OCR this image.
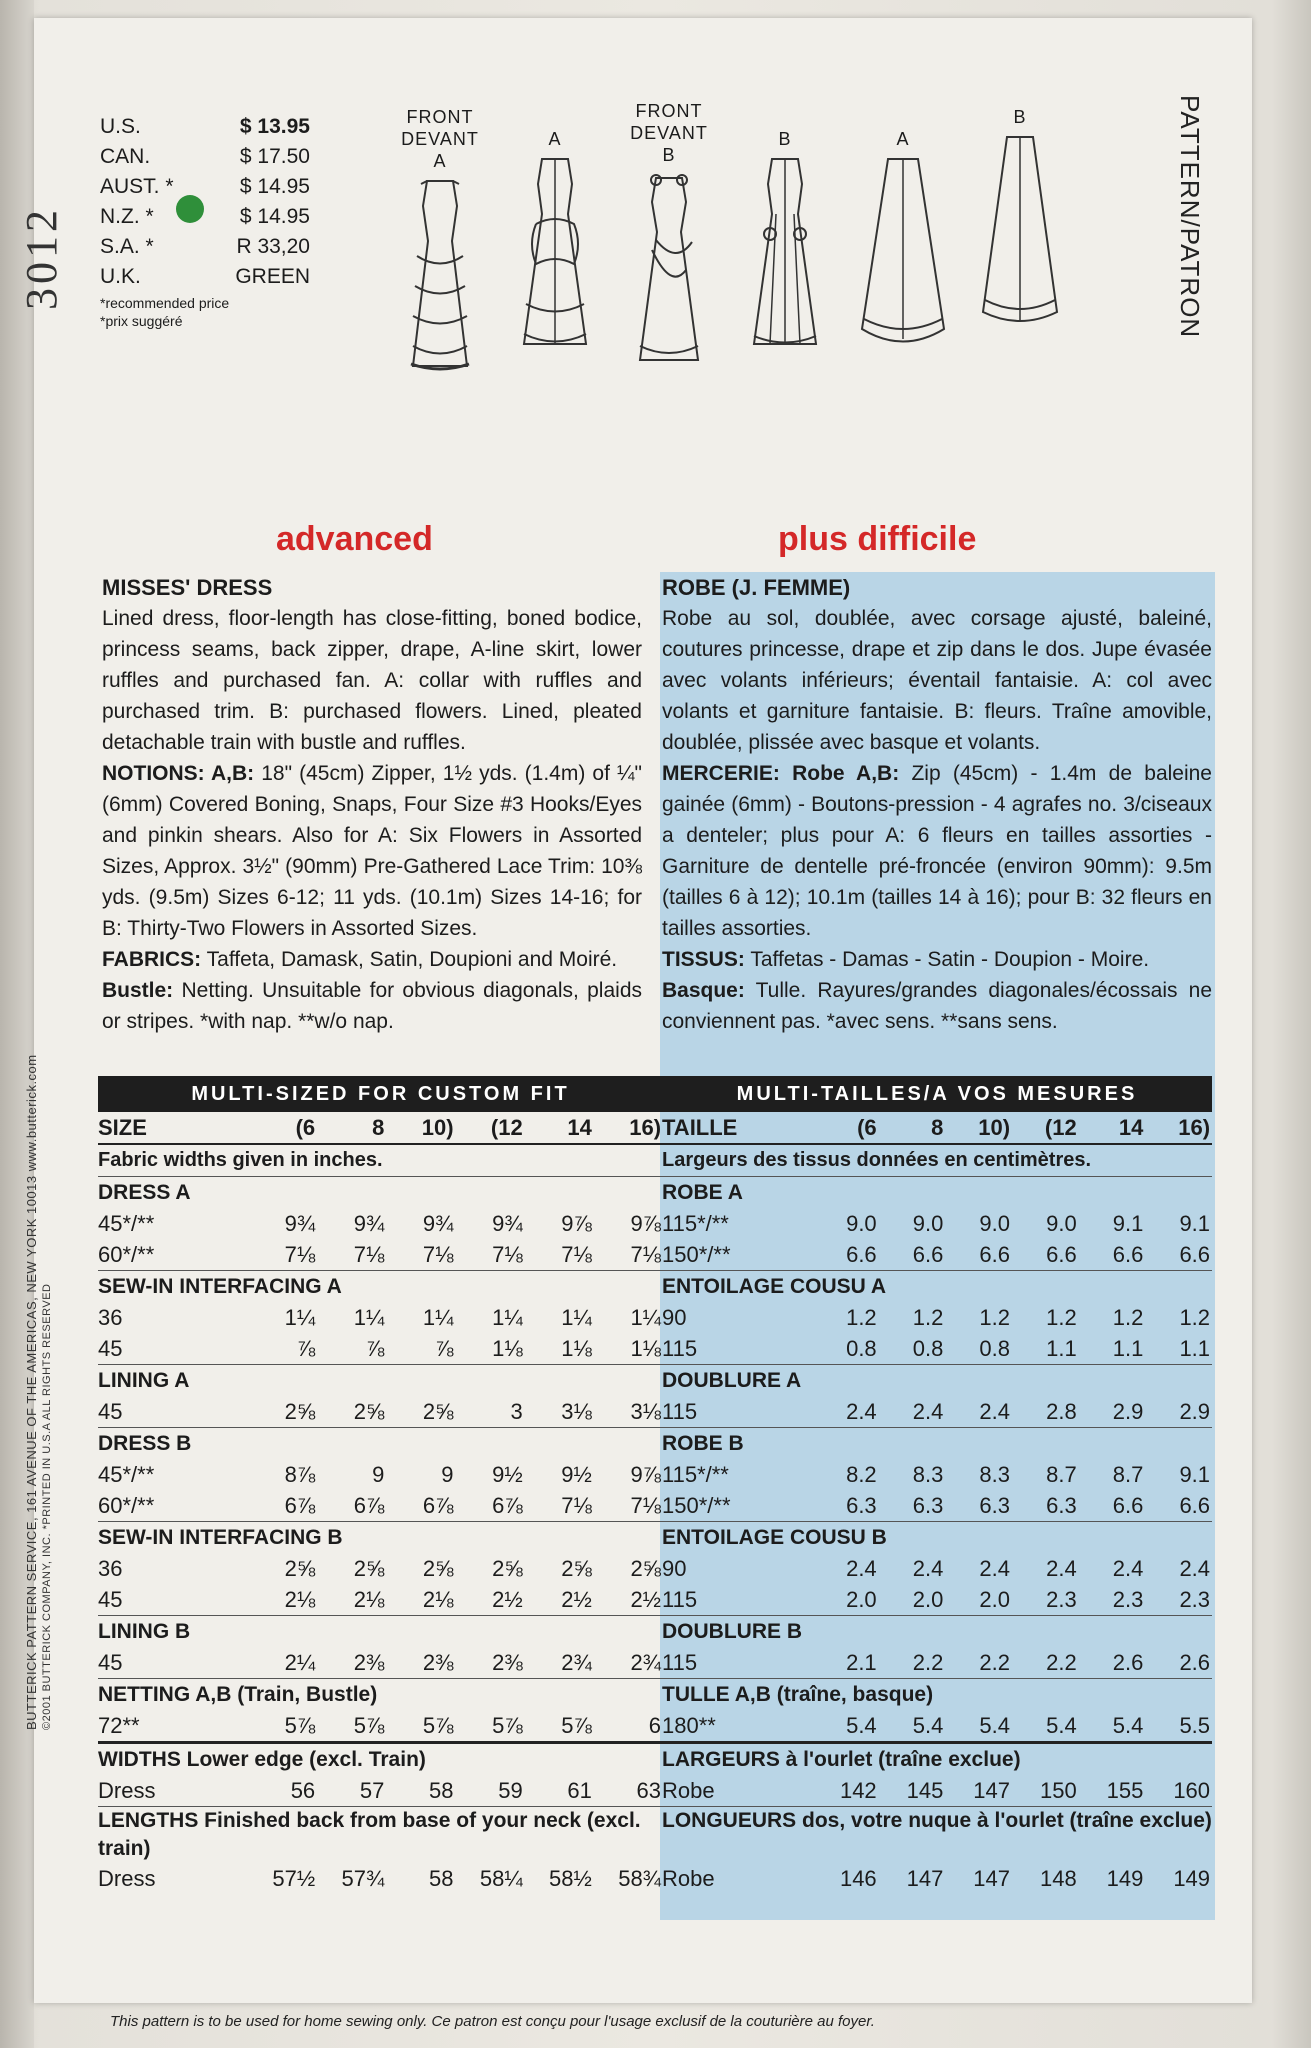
3012
BUTTERICK PATTERN SERVICE, 161 AVENUE OF THE AMERICAS, NEW YORK 10013 www.butterick.com ©2001 BUTTERICK COMPANY, INC. *PRINTED IN U.S.A ALL RIGHTS RESERVED
PATTERN/PATRON
U.S.	$ 13.95
CAN.	$ 17.50
AUST. *	$ 14.95
N.Z. *	$ 14.95
S.A. *	R 33,20
U.K.	GREEN
*recommended price
*prix suggéré
FRONT
DEVANT
A
A
FRONT
DEVANT
B
B	A
B
advanced	plus difficile

MISSES' DRESS

Lined dress, floor-length has close-fitting, boned bodice, princess seams, back zipper, drape, A-line skirt, lower ruffles and purchased fan. A: collar with ruffles and purchased trim. B: purchased flowers. Lined, pleated detachable train with bustle and ruffles.

NOTIONS: A,B: 18" (45cm) Zipper, 1½ yds. (1.4m) of ¼" (6mm) Covered Boning, Snaps, Four Size #3 Hooks/Eyes and pinkin shears. Also for A: Six Flowers in Assorted Sizes, Approx. 3½" (90mm) Pre-Gathered Lace Trim: 10⅜ yds. (9.5m) Sizes 6-12; 11 yds. (10.1m) Sizes 14-16; for B: Thirty-Two Flowers in Assorted Sizes.

FABRICS: Taffeta, Damask, Satin, Doupioni and Moiré.

Bustle: Netting. Unsuitable for obvious diagonals, plaids or stripes. *with nap. **w/o nap.

ROBE (J. FEMME)

Robe au sol, doublée, avec corsage ajusté, baleiné, coutures princesse, drape et zip dans le dos. Jupe évasée avec volants inférieurs; éventail fantaisie. A: col avec volants et garniture fantaisie. B: fleurs. Traîne amovible, doublée, plissée avec basque et volants.

MERCERIE: Robe A,B: Zip (45cm) - 1.4m de baleine gainée (6mm) - Boutons-pression - 4 agrafes no. 3/ciseaux a denteler; plus pour A: 6 fleurs en tailles assorties - Garniture de dentelle pré-froncée (environ 90mm): 9.5m (tailles 6 à 12); 10.1m (tailles 14 à 16); pour B: 32 fleurs en tailles assorties.

TISSUS: Taffetas - Damas - Satin - Doupion - Moire.

Basque: Tulle. Rayures/grandes diagonales/écossais ne conviennent pas. *avec sens. **sans sens.

MULTI-SIZED FOR CUSTOM FIT
SIZE	(6	8	10)	(12	14	16)
Fabric widths given in inches.
DRESS A
45*/**	9¾	9¾	9¾	9¾	9⅞	9⅞
60*/**	7⅛	7⅛	7⅛	7⅛	7⅛	7⅛
SEW-IN INTERFACING A
36	1¼	1¼	1¼	1¼	1¼	1¼
45	⅞	⅞	⅞	1⅛	1⅛	1⅛
LINING A
45	2⅝	2⅝	2⅝	3	3⅛	3⅛
DRESS B
45*/**	8⅞	9	9	9½	9½	9⅞
60*/**	6⅞	6⅞	6⅞	6⅞	7⅛	7⅛
SEW-IN INTERFACING B
36	2⅝	2⅝	2⅝	2⅝	2⅝	2⅝
45	2⅛	2⅛	2⅛	2½	2½	2½
LINING B
45	2¼	2⅜	2⅜	2⅜	2¾	2¾
NETTING A,B (Train, Bustle)
72**	5⅞	5⅞	5⅞	5⅞	5⅞	6
WIDTHS Lower edge (excl. Train)
Dress	56	57	58	59	61	63
LENGTHS Finished back from base of your neck (excl. train)
Dress	57½	57¾	58	58¼	58½	58¾
MULTI-TAILLES/A VOS MESURES
TAILLE	(6	8	10)	(12	14	16)
Largeurs des tissus données en centimètres.
ROBE A
115*/**	9.0	9.0	9.0	9.0	9.1	9.1
150*/**	6.6	6.6	6.6	6.6	6.6	6.6
ENTOILAGE COUSU A
90	1.2	1.2	1.2	1.2	1.2	1.2
115	0.8	0.8	0.8	1.1	1.1	1.1
DOUBLURE A
115	2.4	2.4	2.4	2.8	2.9	2.9
ROBE B
115*/**	8.2	8.3	8.3	8.7	8.7	9.1
150*/**	6.3	6.3	6.3	6.3	6.6	6.6
ENTOILAGE COUSU B
90	2.4	2.4	2.4	2.4	2.4	2.4
115	2.0	2.0	2.0	2.3	2.3	2.3
DOUBLURE B
115	2.1	2.2	2.2	2.2	2.6	2.6
TULLE A,B (traîne, basque)
180**	5.4	5.4	5.4	5.4	5.4	5.5
LARGEURS à l'ourlet (traîne exclue)
Robe	142	145	147	150	155	160
LONGUEURS dos, votre nuque à l'ourlet (traîne exclue)
Robe	146	147	147	148	149	149
This pattern is to be used for home sewing only. Ce patron est conçu pour l'usage exclusif de la couturière au foyer.
